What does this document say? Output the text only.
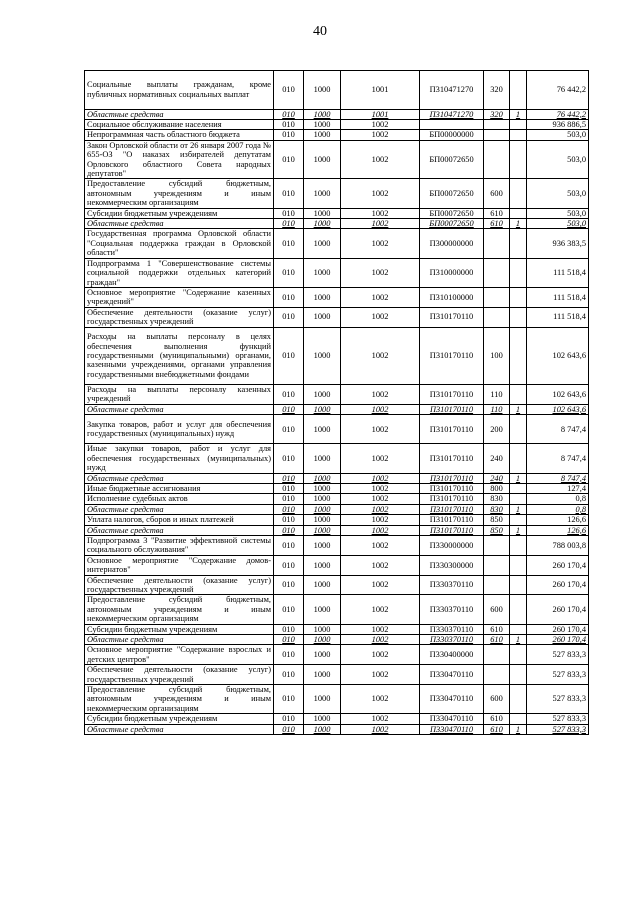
40
Социальные выплаты гражданам, кроме публичных нормативных социальных выплат	010	1000	1001	П310471270	320		76 442,2
Областные средства	010	1000	1001	П310471270	320	1	76 442,2
Социальное обслуживание населения	010	1000	1002				936 886,5
Непрограммная часть областного бюджета	010	1000	1002	БП00000000			503,0
Закон Орловской области от 26 января 2007 года № 655-ОЗ "О наказах избирателей депутатам Орловского областного Совета народных депутатов"	010	1000	1002	БП00072650			503,0
Предоставление субсидий бюджетным, автономным учреждениям и иным некоммерческим организациям	010	1000	1002	БП00072650	600		503,0
Субсидии бюджетным учреждениям	010	1000	1002	БП00072650	610		503,0
Областные средства	010	1000	1002	БП00072650	610	1	503,0
Государственная программа Орловской области "Социальная поддержка граждан в Орловской области"	010	1000	1002	П300000000			936 383,5
Подпрограмма 1 "Совершенствование системы социальной поддержки отдельных категорий граждан"	010	1000	1002	П310000000			111 518,4
Основное мероприятие "Содержание казенных учреждений"	010	1000	1002	П310100000			111 518,4
Обеспечение деятельности (оказание услуг) государственных учреждений	010	1000	1002	П310170110			111 518,4
Расходы на выплаты персоналу в целях обеспечения выполнения функций государственными (муниципальными) органами, казенными учреждениями, органами управления государственными внебюджетными фондами	010	1000	1002	П310170110	100		102 643,6
Расходы на выплаты персоналу казенных учреждений	010	1000	1002	П310170110	110		102 643,6
Областные средства	010	1000	1002	П310170110	110	1	102 643,6
Закупка товаров, работ и услуг для обеспечения государственных (муниципальных) нужд	010	1000	1002	П310170110	200		8 747,4
Иные закупки товаров, работ и услуг для обеспечения государственных (муниципальных) нужд	010	1000	1002	П310170110	240		8 747,4
Областные средства	010	1000	1002	П310170110	240	1	8 747,4
Иные бюджетные ассигнования	010	1000	1002	П310170110	800		127,4
Исполнение судебных актов	010	1000	1002	П310170110	830		0,8
Областные средства	010	1000	1002	П310170110	830	1	0,8
Уплата налогов, сборов и иных платежей	010	1000	1002	П310170110	850		126,6
Областные средства	010	1000	1002	П310170110	850	1	126,6
Подпрограмма 3 "Развитие эффективной системы социального обслуживания"	010	1000	1002	П330000000			788 003,8
Основное мероприятие "Содержание домов-интернатов"	010	1000	1002	П330300000			260 170,4
Обеспечение деятельности (оказание услуг) государственных учреждений	010	1000	1002	П330370110			260 170,4
Предоставление субсидий бюджетным, автономным учреждениям и иным некоммерческим организациям	010	1000	1002	П330370110	600		260 170,4
Субсидии бюджетным учреждениям	010	1000	1002	П330370110	610		260 170,4
Областные средства	010	1000	1002	П330370110	610	1	260 170,4
Основное мероприятие "Содержание взрослых и детских центров"	010	1000	1002	П330400000			527 833,3
Обеспечение деятельности (оказание услуг) государственных учреждений	010	1000	1002	П330470110			527 833,3
Предоставление субсидий бюджетным, автономным учреждениям и иным некоммерческим организациям	010	1000	1002	П330470110	600		527 833,3
Субсидии бюджетным учреждениям	010	1000	1002	П330470110	610		527 833,3
Областные средства	010	1000	1002	П330470110	610	1	527 833,3
